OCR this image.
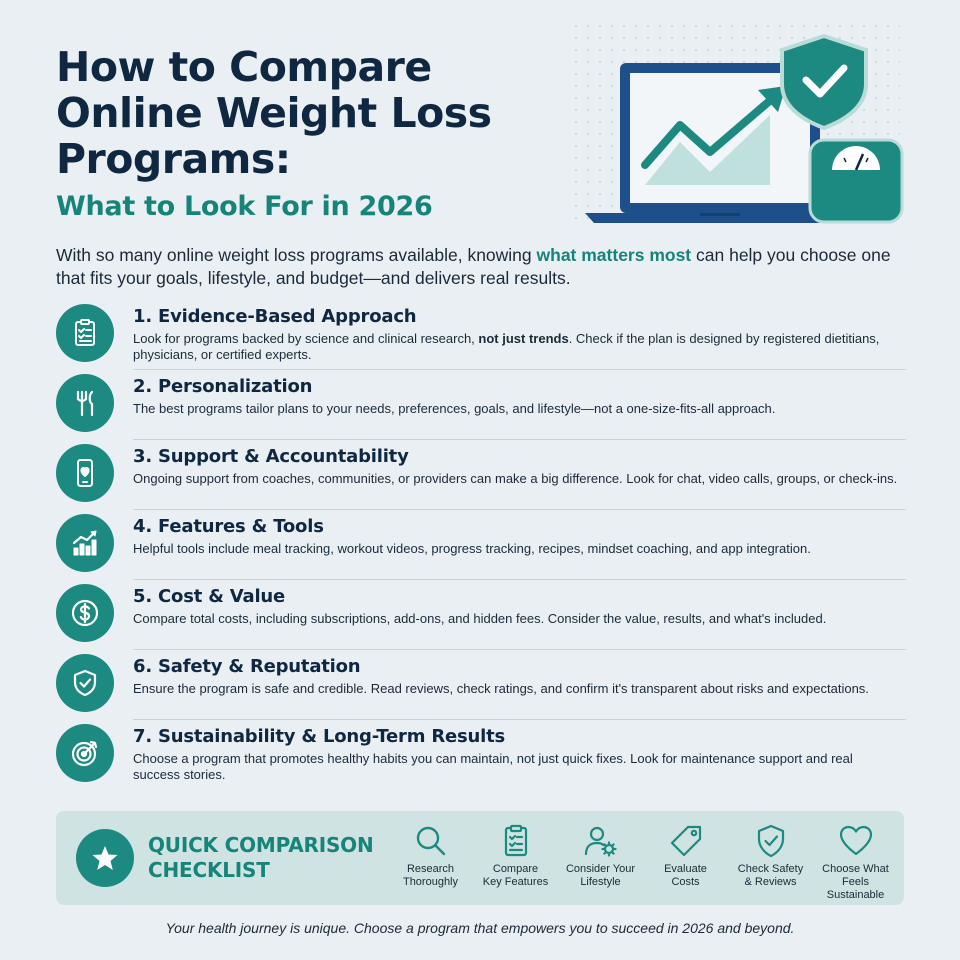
How to Compare Online Weight Loss Programs:
What to Look For in 2026

With so many online weight loss programs available, knowing what matters most can help you choose one that fits your goals, lifestyle, and budget—and delivers real results.

1. Evidence-Based Approach
Look for programs backed by science and clinical research, not just trends. Check if the plan is designed by registered dietitians, physicians, or certified experts.
2. Personalization
The best programs tailor plans to your needs, preferences, goals, and lifestyle—not a one-size-fits-all approach.
3. Support & Accountability
Ongoing support from coaches, communities, or providers can make a big difference. Look for chat, video calls, groups, or check-ins.
4. Features & Tools
Helpful tools include meal tracking, workout videos, progress tracking, recipes, mindset coaching, and app integration.
5. Cost & Value
Compare total costs, including subscriptions, add-ons, and hidden fees. Consider the value, results, and what's included.
6. Safety & Reputation
Ensure the program is safe and credible. Read reviews, check ratings, and confirm it's transparent about risks and expectations.
7. Sustainability & Long-Term Results
Choose a program that promotes healthy habits you can maintain, not just quick fixes. Look for maintenance support and real success stories.
QUICK COMPARISON CHECKLIST	Research
Thoroughly
Compare
Key Features
Consider Your
Lifestyle
Evaluate
Costs
Check Safety
& Reviews
Choose What
Feels Sustainable

Your health journey is unique. Choose a program that empowers you to succeed in 2026 and beyond.
